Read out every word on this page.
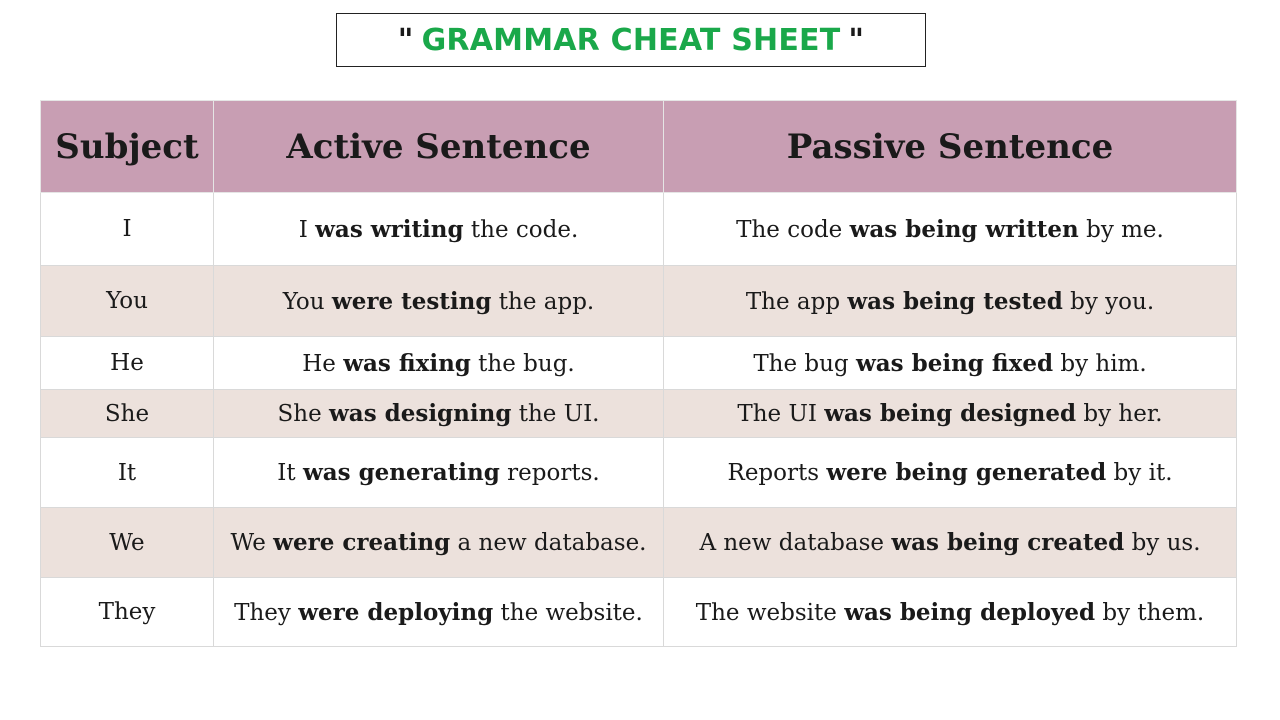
" GRAMMAR CHEAT SHEET "
Subject	Active Sentence	Passive Sentence
I	I was writing the code.	The code was being written by me.
You	You were testing the app.	The app was being tested by you.
He	He was fixing the bug.	The bug was being fixed by him.
She	She was designing the UI.	The UI was being designed by her.
It	It was generating reports.	Reports were being generated by it.
We	We were creating a new database.	A new database was being created by us.
They	They were deploying the website.	The website was being deployed by them.
